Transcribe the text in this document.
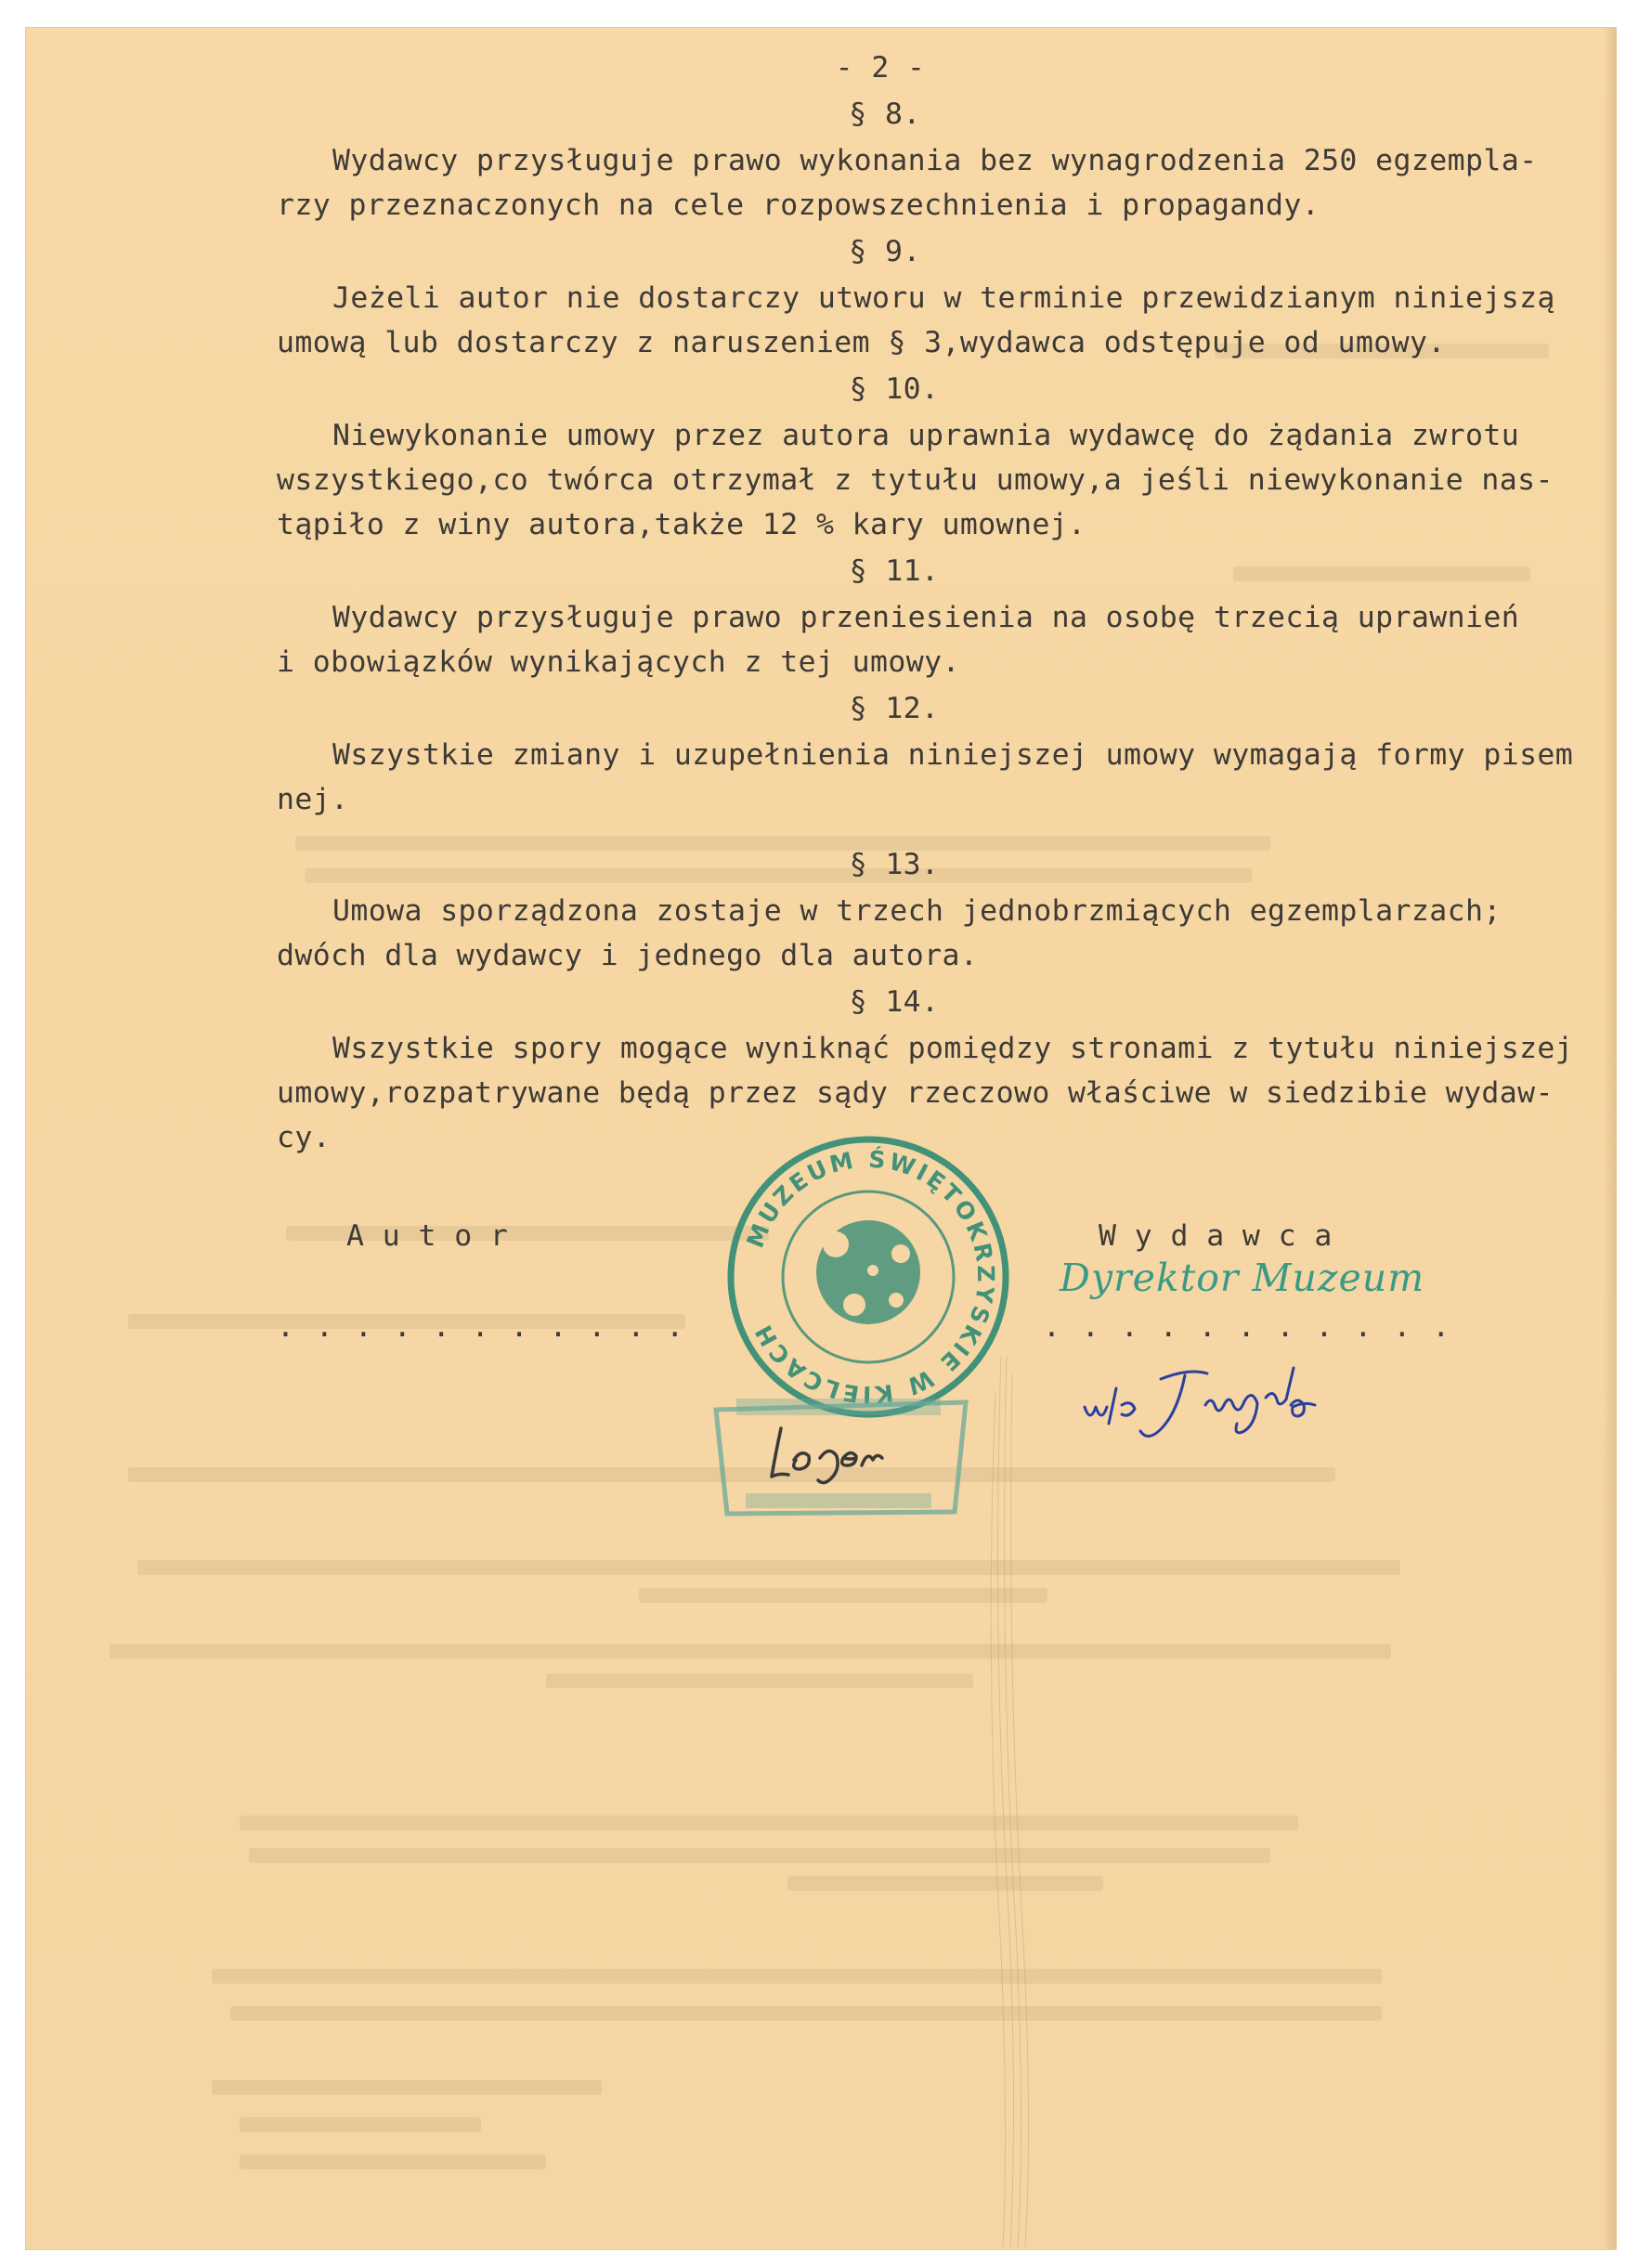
- 2 -
§ 8.
Wydawcy przysługuje prawo wykonania bez wynagrodzenia 250 egzempla-
rzy przeznaczonych na cele rozpowszechnienia i propagandy.
§ 9.
Jeżeli autor nie dostarczy utworu w terminie przewidzianym niniejszą
umową lub dostarczy z naruszeniem § 3,wydawca odstępuje od umowy.
§ 10.
Niewykonanie umowy przez autora uprawnia wydawcę do żądania zwrotu
wszystkiego,co twórca otrzymał z tytułu umowy,a jeśli niewykonanie nas-
tąpiło z winy autora,także 12 % kary umownej.
§ 11.
Wydawcy przysługuje prawo przeniesienia na osobę trzecią uprawnień
i obowiązków wynikających z tej umowy.
§ 12.
Wszystkie zmiany i uzupełnienia niniejszej umowy wymagają formy pisem
nej.
§ 13.
Umowa sporządzona zostaje w trzech jednobrzmiących egzemplarzach;
dwóch dla wydawcy i jednego dla autora.
§ 14.
Wszystkie spory mogące wyniknąć pomiędzy stronami z tytułu niniejszej
umowy,rozpatrywane będą przez sądy rzeczowo właściwe w siedzibie wydaw-
cy.
A u t o r	W y d a w c a
. . . . . . . . . . .	. . . . . . . . . . .
Dyrektor Muzeum
w/z Zwięzło
MUZEUM ŚWIĘTOKRZYSKIE W KIELCACH
Leger
